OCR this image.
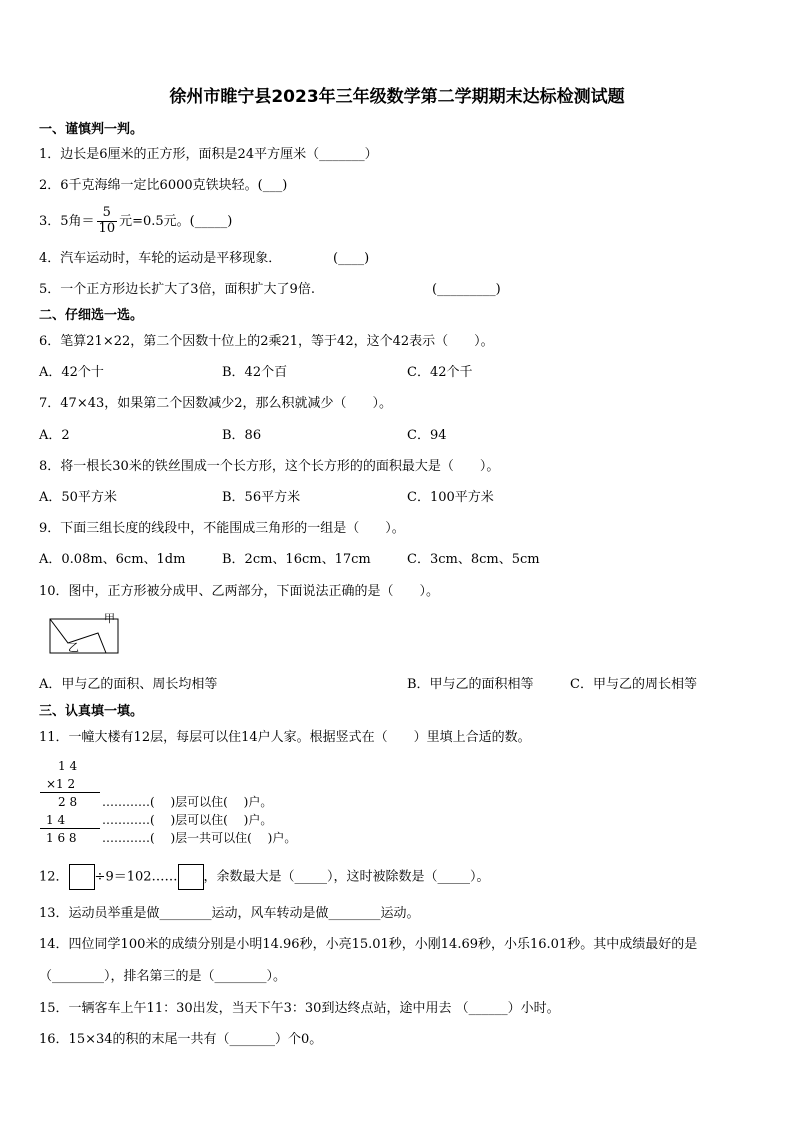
徐州市睢宁县2023年三年级数学第二学期期末达标检测试题
一、谨慎判一判。
1．边长是6厘米的正方形，面积是24平方厘米（_______）
2．6千克海绵一定比6000克铁块轻。(___)
3．5角＝ $\frac{5}{10}$ 元=0.5元。(_____)
4．汽车运动时，车轮的运动是平移现象．	(____)
5．一个正方形边长扩大了3倍，面积扩大了9倍.	(_________)
二、仔细选一选。
6．笔算21×22，第二个因数十位上的2乘21，等于42，这个42表示（　　）。
A．42个十	B．42个百	C．42个千
7．47×43，如果第二个因数减少2，那么积就减少（　　）。
A．2	B．86	C．94
8．将一根长30米的铁丝围成一个长方形，这个长方形的的面积最大是（　　）。
A．50平方米	B．56平方米	C．100平方米
9．下面三组长度的线段中，不能围成三角形的一组是（　　）。
A．0.08m、6cm、1dm	B．2cm、16cm、17cm	C．3cm、8cm、5cm
10．图中，正方形被分成甲、乙两部分，下面说法正确的是（　　）。
甲
乙
A．甲与乙的面积、周长均相等	B．甲与乙的面积相等	C．甲与乙的周长相等
三、认真填一填。
11．一幢大楼有12层，每层可以住14户人家。根据竖式在（　　）里填上合适的数。
1 4
×1 2
2 8
1 4
1 6 8
…………(　 )层可以住(　 )户。
…………(　 )层可以住(　 )户。
…………(　 )层一共可以住(　 )户。
12． ÷9＝102…… ，余数最大是（_____），这时被除数是（_____）。
13．运动员举重是做________运动，风车转动是做________运动。
14．四位同学100米的成绩分别是小明14.96秒，小亮15.01秒，小刚14.69秒，小乐16.01秒。其中成绩最好的是
（________），排名第三的是（________）。
15．一辆客车上午11：30出发，当天下午3：30到达终点站，途中用去 （______）小时。
16．15×34的积的末尾一共有（_______）个0。
